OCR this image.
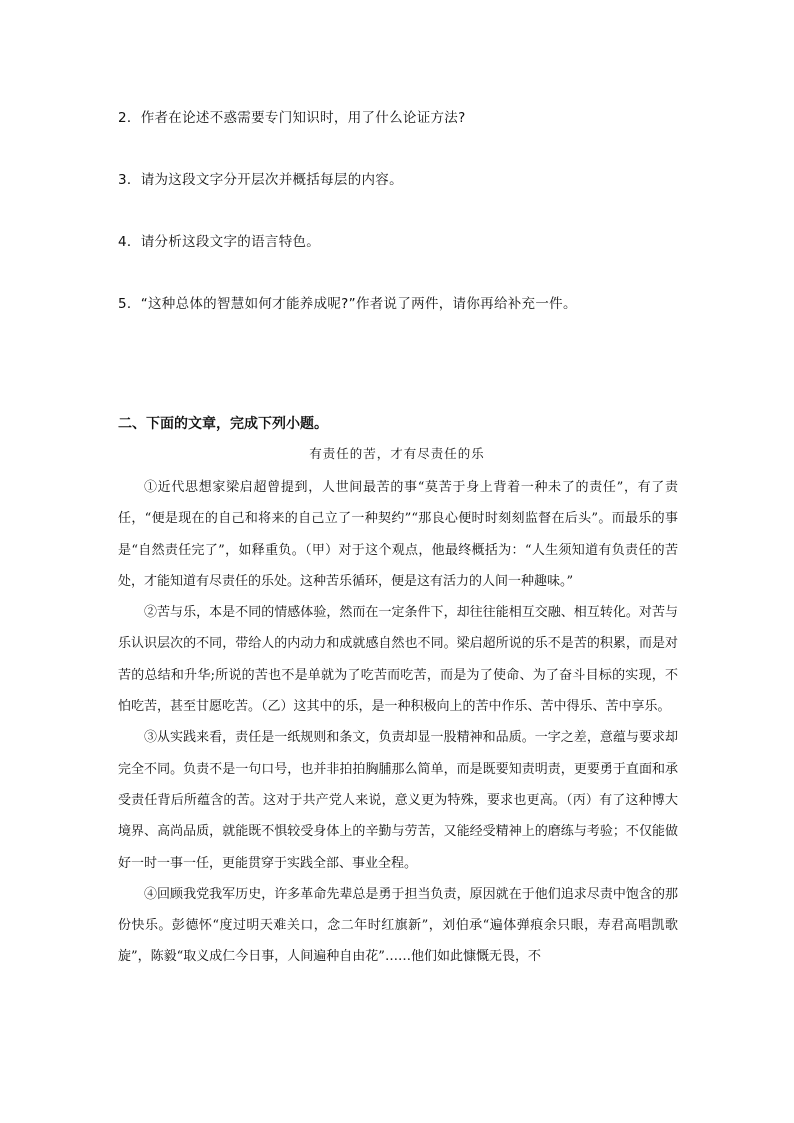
2．作者在论述不惑需要专门知识时，用了什么论证方法?
3．请为这段文字分开层次并概括每层的内容。
4．请分析这段文字的语言特色。
5．“这种总体的智慧如何才能养成呢?”作者说了两件，请你再给补充一件。
二、下面的文章，完成下列小题。
有责任的苦，才有尽责任的乐

①近代思想家梁启超曾提到，人世间最苦的事“莫苦于身上背着一种未了的责任”，有了责任，“便是现在的自己和将来的自己立了一种契约”“那良心便时时刻刻监督在后头”。而最乐的事是“自然责任完了”，如释重负。（甲）对于这个观点，他最终概括为：“人生须知道有负责任的苦处，才能知道有尽责任的乐处。这种苦乐循环，便是这有活力的人间一种趣味。”

②苦与乐，本是不同的情感体验，然而在一定条件下，却往往能相互交融、相互转化。对苦与乐认识层次的不同，带给人的内动力和成就感自然也不同。梁启超所说的乐不是苦的积累，而是对苦的总结和升华;所说的苦也不是单就为了吃苦而吃苦，而是为了使命、为了奋斗目标的实现，不怕吃苦，甚至甘愿吃苦。（乙）这其中的乐，是一种积极向上的苦中作乐、苦中得乐、苦中享乐。

③从实践来看，责任是一纸规则和条文，负责却显一股精神和品质。一字之差，意蕴与要求却完全不同。负责不是一句口号，也并非拍拍胸脯那么简单，而是既要知责明责，更要勇于直面和承受责任背后所蕴含的苦。这对于共产党人来说，意义更为特殊，要求也更高。（丙）有了这种博大境界、高尚品质，就能既不惧较受身体上的辛勤与劳苦，又能经受精神上的磨练与考验；不仅能做好一时一事一任，更能贯穿于实践全部、事业全程。

④回顾我党我军历史，许多革命先辈总是勇于担当负责，原因就在于他们追求尽责中饱含的那份快乐。彭德怀“度过明天难关口，念二年时红旗新”，刘伯承“遍体弹痕余只眼，寿君高唱凯歌旋”，陈毅“取义成仁今日事，人间遍种自由花”……他们如此慷慨无畏，不
